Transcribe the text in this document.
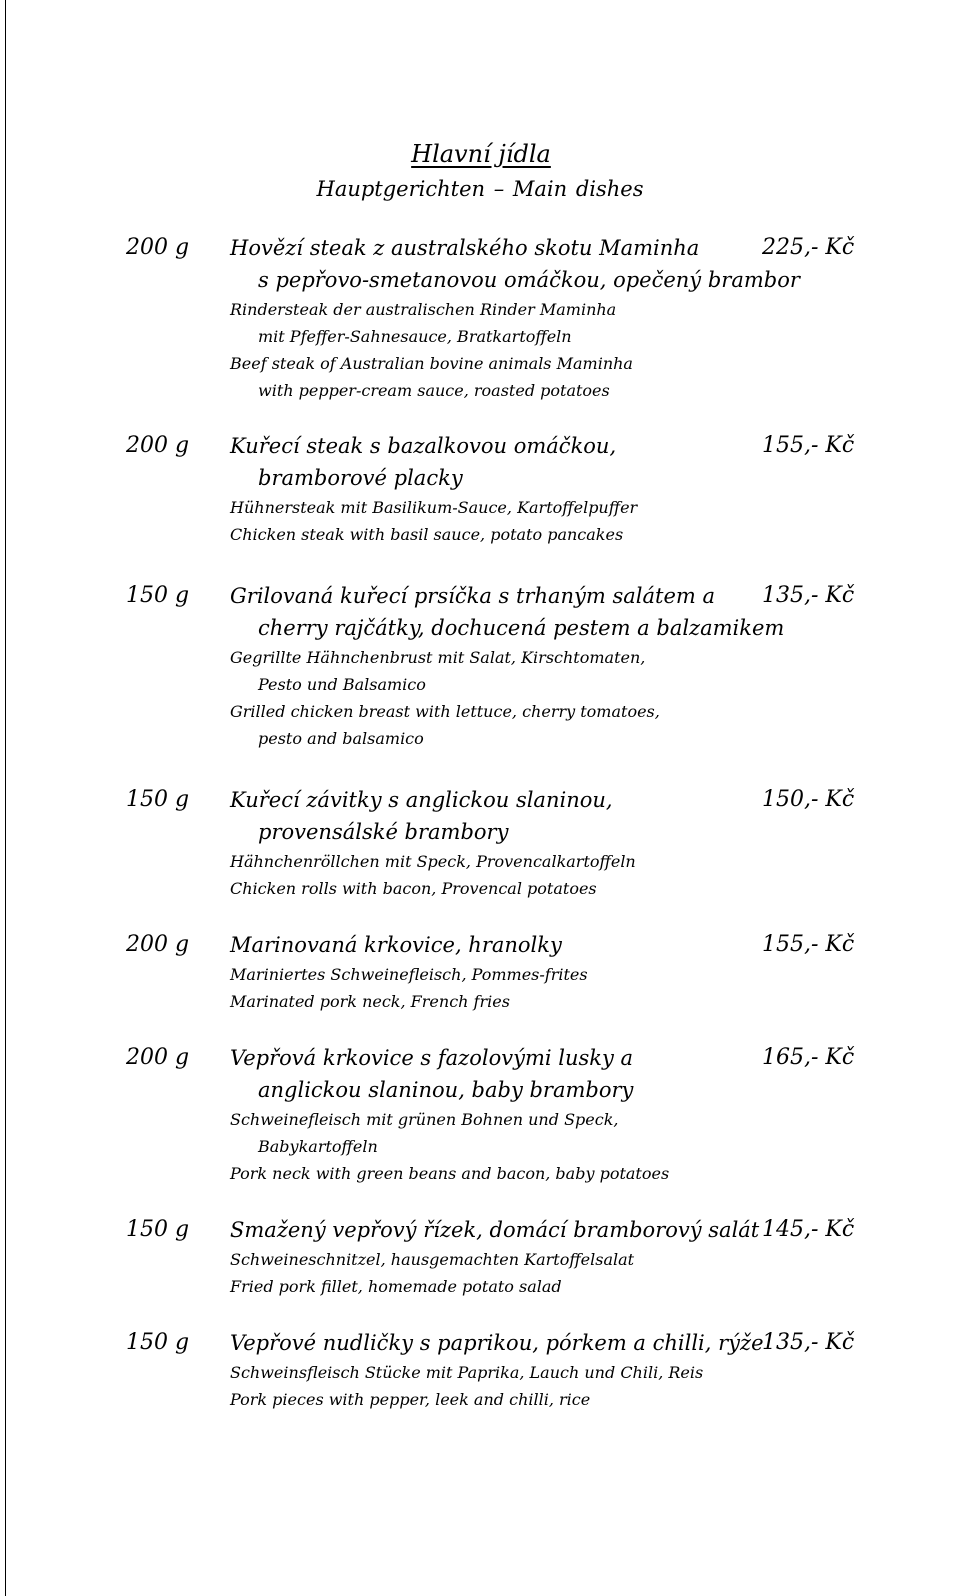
Hlavní jídla
Hauptgerichten – Main dishes
200 g Hovězí steak z australského skotu Maminha
s pepřovo-smetanovou omáčkou, opečený brambor
Rindersteak der australischen Rinder Maminha
mit Pfeffer-Sahnesauce, Bratkartoffeln
Beef steak of Australian bovine animals Maminha
with pepper-cream sauce, roasted potatoes
225,- Kč
200 g Kuřecí steak s bazalkovou omáčkou,
bramborové placky
Hühnersteak mit Basilikum-Sauce, Kartoffelpuffer
Chicken steak with basil sauce, potato pancakes
155,- Kč
150 g Grilovaná kuřecí prsíčka s trhaným salátem a
cherry rajčátky, dochucená pestem a balzamikem
Gegrillte Hähnchenbrust mit Salat, Kirschtomaten,
Pesto und Balsamico
Grilled chicken breast with lettuce, cherry tomatoes,
pesto and balsamico
135,- Kč
150 g Kuřecí závitky s anglickou slaninou,
provensálské brambory
Hähnchenröllchen mit Speck, Provencalkartoffeln
Chicken rolls with bacon, Provencal potatoes
150,- Kč
200 g Marinovaná krkovice, hranolky
Mariniertes Schweinefleisch, Pommes-frites
Marinated pork neck, French fries
155,- Kč
200 g Vepřová krkovice s fazolovými lusky a
anglickou slaninou, baby brambory
Schweinefleisch mit grünen Bohnen und Speck,
Babykartoffeln
Pork neck with green beans and bacon, baby potatoes
165,- Kč
150 g Smažený vepřový řízek, domácí bramborový salát
Schweineschnitzel, hausgemachten Kartoffelsalat
Fried pork fillet, homemade potato salad
145,- Kč
150 g Vepřové nudličky s paprikou, pórkem a chilli, rýže
Schweinsfleisch Stücke mit Paprika, Lauch und Chili, Reis
Pork pieces with pepper, leek and chilli, rice
135,- Kč
